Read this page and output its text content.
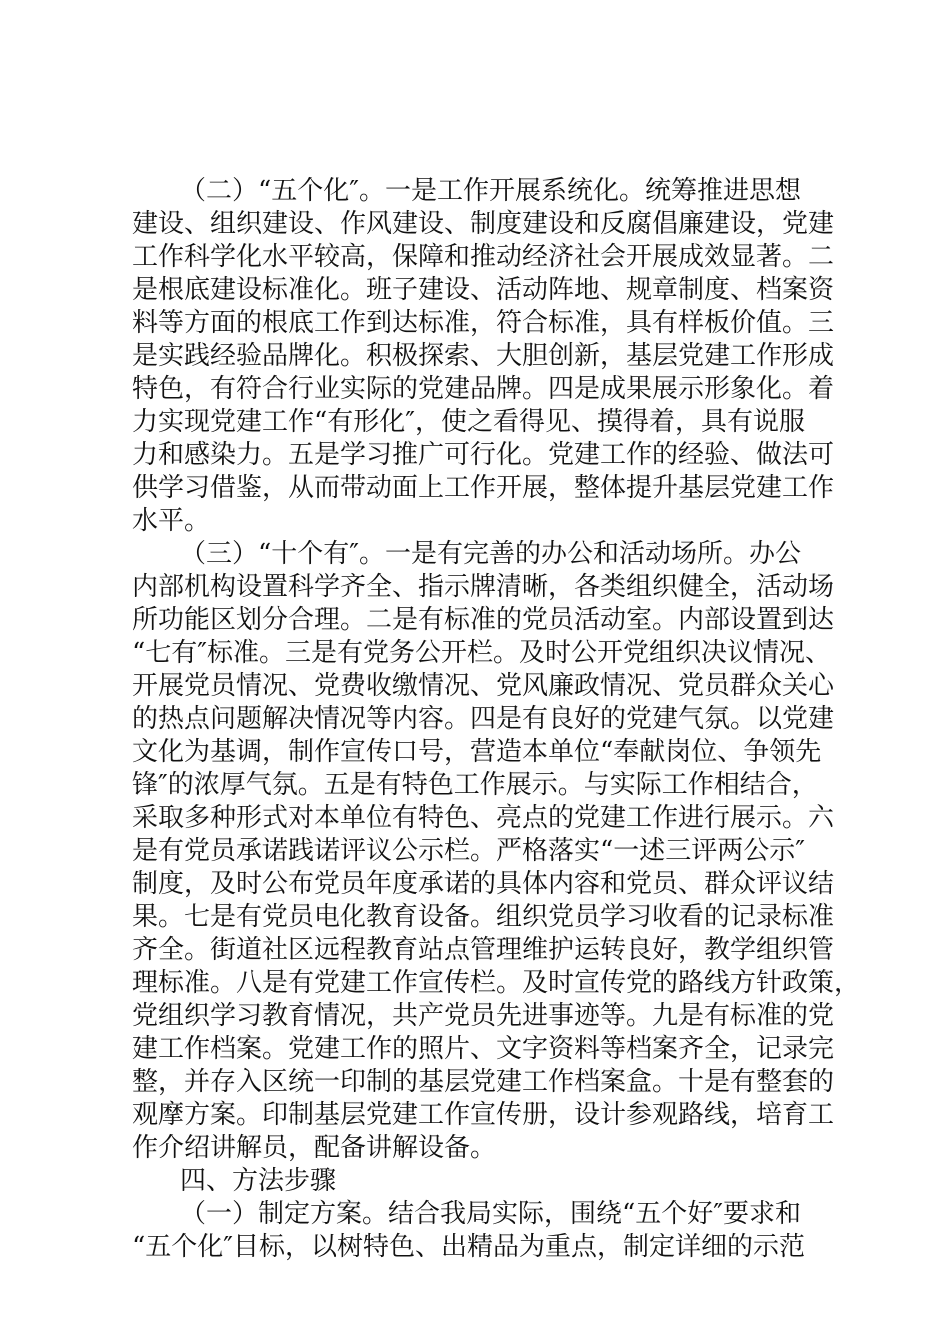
（二）“五个化″。一是工作开展系统化。统筹推进思想
建设、组织建设、作风建设、制度建设和反腐倡廉建设，党建
工作科学化水平较高，保障和推动经济社会开展成效显著。二
是根底建设标准化。班子建设、活动阵地、规章制度、档案资
料等方面的根底工作到达标准，符合标准，具有样板价值。三
是实践经验品牌化。积极探索、大胆创新，基层党建工作形成
特色，有符合行业实际的党建品牌。四是成果展示形象化。着
力实现党建工作“有形化″，使之看得见、摸得着，具有说服
力和感染力。五是学习推广可行化。党建工作的经验、做法可
供学习借鉴，从而带动面上工作开展，整体提升基层党建工作
水平。
（三）“十个有″。一是有完善的办公和活动场所。办公
内部机构设置科学齐全、指示牌清晰，各类组织健全，活动场
所功能区划分合理。二是有标准的党员活动室。内部设置到达
“七有″标准。三是有党务公开栏。及时公开党组织决议情况、
开展党员情况、党费收缴情况、党风廉政情况、党员群众关心
的热点问题解决情况等内容。四是有良好的党建气氛。以党建
文化为基调，制作宣传口号，营造本单位“奉献岗位、争领先
锋″的浓厚气氛。五是有特色工作展示。与实际工作相结合，
采取多种形式对本单位有特色、亮点的党建工作进行展示。六
是有党员承诺践诺评议公示栏。严格落实“一述三评两公示″
制度，及时公布党员年度承诺的具体内容和党员、群众评议结
果。七是有党员电化教育设备。组织党员学习收看的记录标准
齐全。街道社区远程教育站点管理维护运转良好，教学组织管
理标准。八是有党建工作宣传栏。及时宣传党的路线方针政策，
党组织学习教育情况，共产党员先进事迹等。九是有标准的党
建工作档案。党建工作的照片、文字资料等档案齐全，记录完
整，并存入区统一印制的基层党建工作档案盒。十是有整套的
观摩方案。印制基层党建工作宣传册，设计参观路线，培育工
作介绍讲解员，配备讲解设备。
四、方法步骤
（一）制定方案。结合我局实际，围绕“五个好″要求和
“五个化″目标，以树特色、出精品为重点，制定详细的示范
